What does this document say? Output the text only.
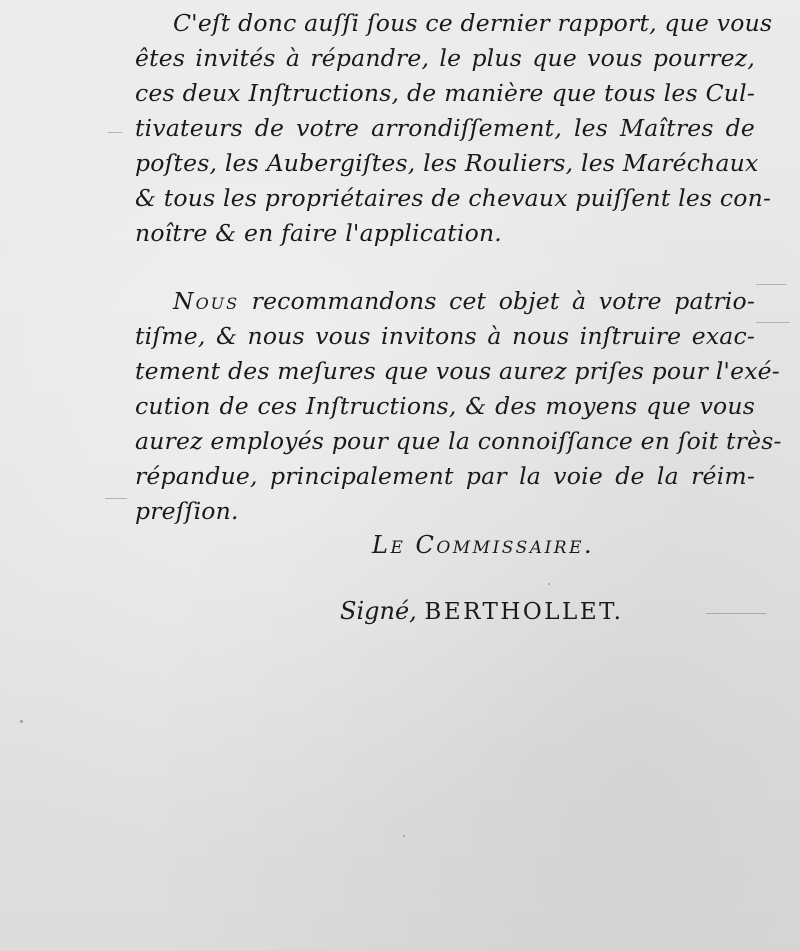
C'eſt donc auſſi ſous ce dernier rapport, que vous
êtes invités à répandre, le plus que vous pourrez,
ces deux Inſtructions, de manière que tous les Cul-
tivateurs de votre arrondiſſement, les Maîtres de
poſtes, les Aubergiſtes, les Rouliers, les Maréchaux
& tous les propriétaires de chevaux puiſſent les con-
noître & en faire l'application.
Nous recommandons cet objet à votre patrio-
tiſme, & nous vous invitons à nous inſtruire exac-
tement des meſures que vous aurez priſes pour l'exé-
cution de ces Inſtructions, & des moyens que vous
aurez employés pour que la connoiſſance en ſoit très-
répandue, principalement par la voie de la réim-
preſſion.
Le Commissaire.
Signé, BERTHOLLET.
